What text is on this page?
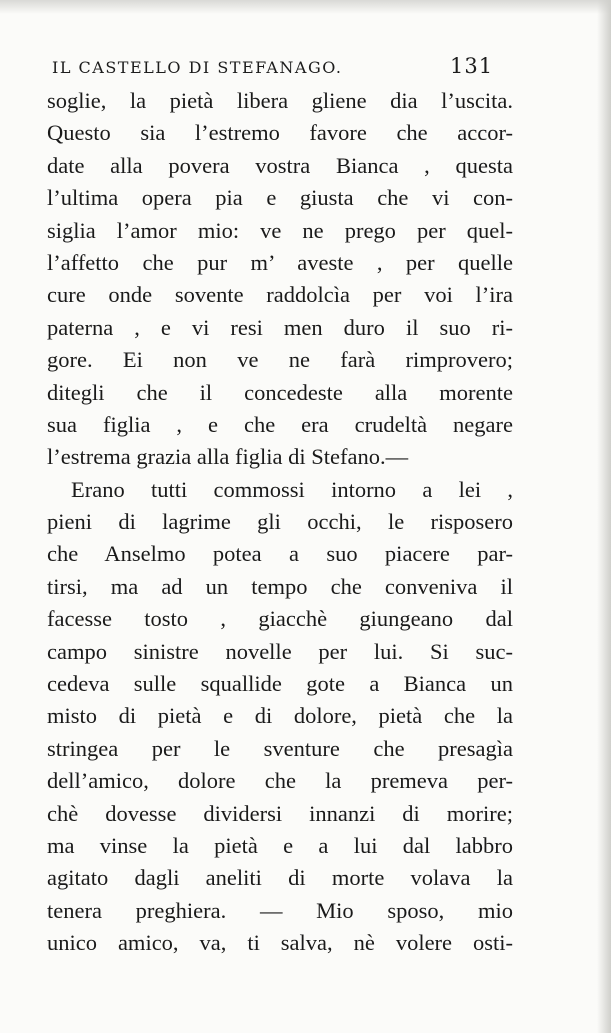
IL CASTELLO DI STEFANAGO.	131
soglie, la pietà libera gliene dia l’uscita.
Questo sia l’estremo favore che accor-
date alla povera vostra Bianca , questa
l’ultima opera pia e giusta che vi con-
siglia l’amor mio: ve ne prego per quel-
l’affetto che pur m’ aveste , per quelle
cure onde sovente raddolcìa per voi l’ira
paterna , e vi resi men duro il suo ri-
gore. Ei non ve ne farà rimprovero;
ditegli che il concedeste alla morente
sua figlia , e che era crudeltà negare
l’estrema grazia alla figlia di Stefano.—
Erano tutti commossi intorno a lei ,
pieni di lagrime gli occhi, le risposero
che Anselmo potea a suo piacere par-
tirsi, ma ad un tempo che conveniva il
facesse tosto , giacchè giungeano dal
campo sinistre novelle per lui. Si suc-
cedeva sulle squallide gote a Bianca un
misto di pietà e di dolore, pietà che la
stringea per le sventure che presagìa
dell’amico, dolore che la premeva per-
chè dovesse dividersi innanzi di morire;
ma vinse la pietà e a lui dal labbro
agitato dagli aneliti di morte volava la
tenera preghiera. — Mio sposo, mio
unico amico, va, ti salva, nè volere osti-
